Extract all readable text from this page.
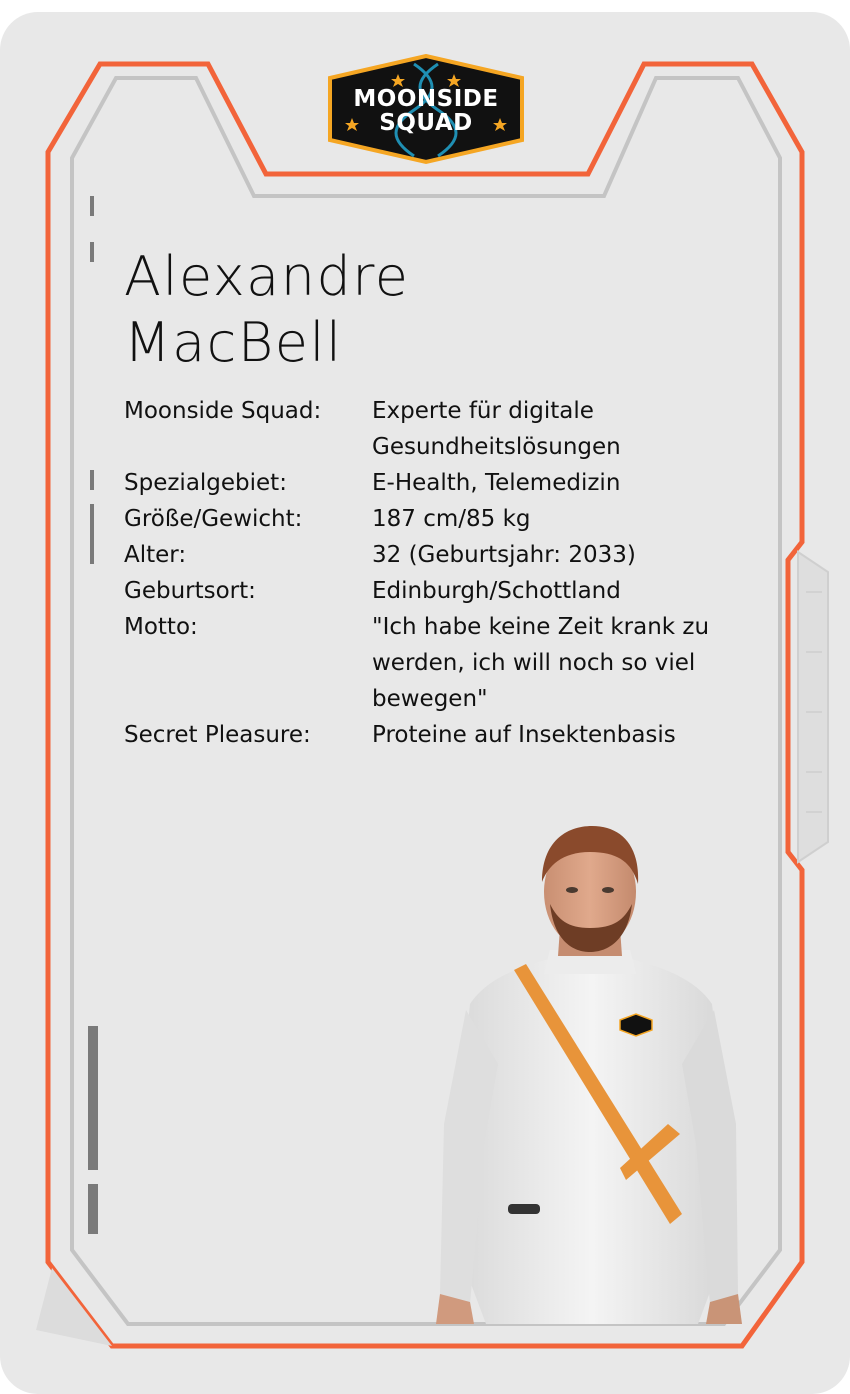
MOONSIDE
SQUAD
Alexandre
MacBell
Moonside Squad: Experte für digitale
Gesundheitslösungen
Spezialgebiet:	E-Health, Telemedizin
Größe/Gewicht:	187 cm/85 kg
Alter:	32 (Geburtsjahr: 2033)
Geburtsort:	Edinburgh/Schottland
Motto:	"Ich habe keine Zeit krank zu
werden, ich will noch so viel
bewegen"
Secret Pleasure:	Proteine auf Insektenbasis
